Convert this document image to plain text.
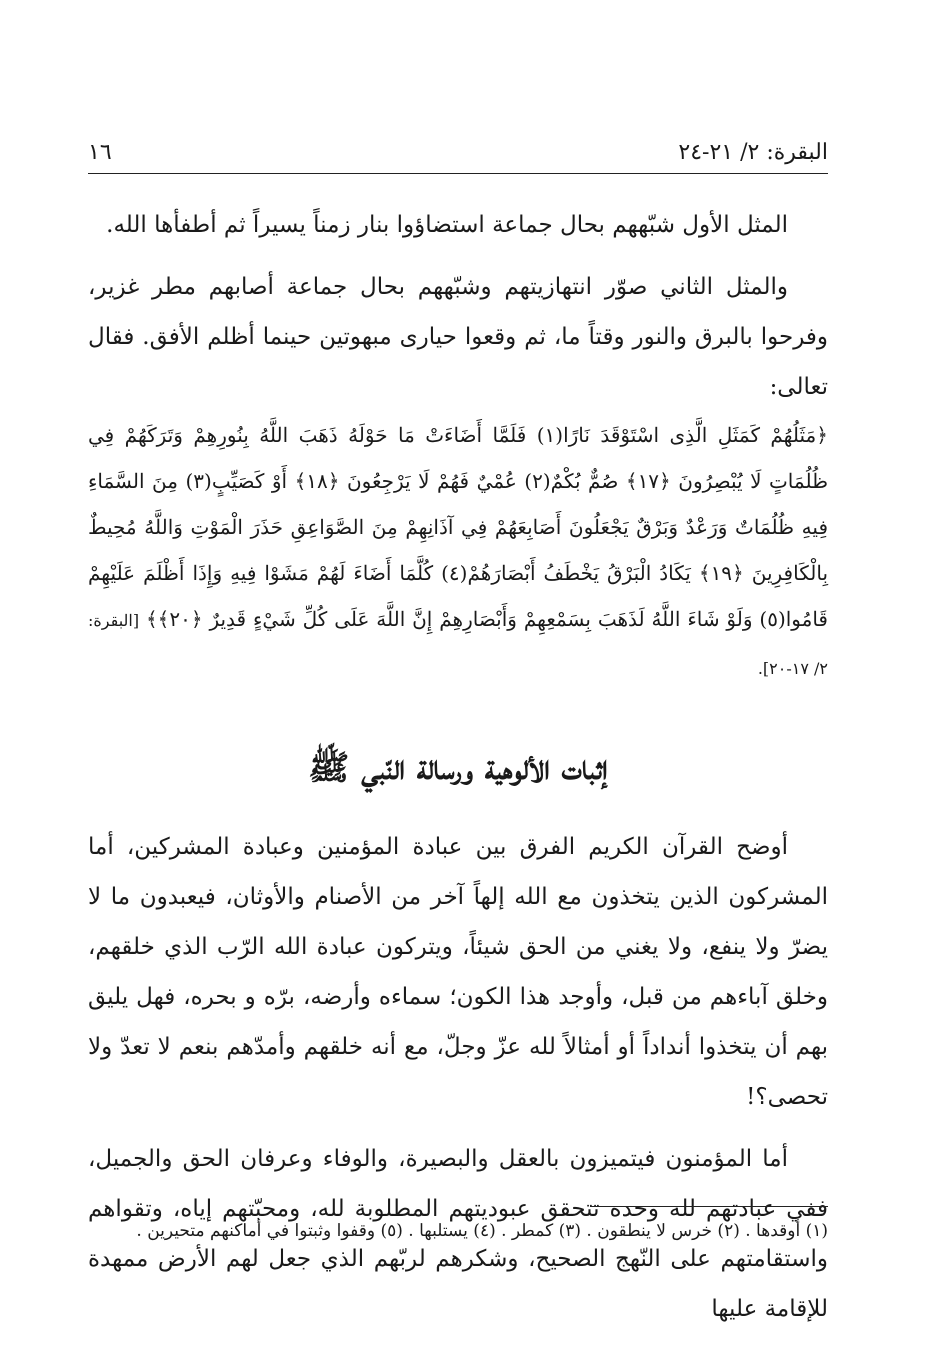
البقرة: ٢/ ٢١-٢٤
١٦

المثل الأول شبّههم بحال جماعة استضاؤوا بنار زمناً يسيراً ثم أطفأها الله.

والمثل الثاني صوّر انتهازيتهم وشبّههم بحال جماعة أصابهم مطر غزير، وفرحوا بالبرق والنور وقتاً ما، ثم وقعوا حيارى مبهوتين حينما أظلم الأفق. فقال تعالى:

﴿مَثَلُهُمْ كَمَثَلِ الَّذِى اسْتَوْقَدَ نَارًا(١) فَلَمَّا أَضَاءَتْ مَا حَوْلَهُ ذَهَبَ اللَّهُ بِنُورِهِمْ وَتَرَكَهُمْ فِي ظُلُمَاتٍ لَا يُبْصِرُونَ ﴿١٧﴾ صُمٌّ بُكْمٌ(٢) عُمْيٌ فَهُمْ لَا يَرْجِعُونَ ﴿١٨﴾ أَوْ كَصَيِّبٍ(٣) مِنَ السَّمَاءِ فِيهِ ظُلُمَاتٌ وَرَعْدٌ وَبَرْقٌ يَجْعَلُونَ أَصَابِعَهُمْ فِي آذَانِهِمْ مِنَ الصَّوَاعِقِ حَذَرَ الْمَوْتِ وَاللَّهُ مُحِيطٌ بِالْكَافِرِينَ ﴿١٩﴾ يَكَادُ الْبَرْقُ يَخْطَفُ أَبْصَارَهُمْ(٤) كُلَّمَا أَضَاءَ لَهُمْ مَشَوْا فِيهِ وَإِذَا أَظْلَمَ عَلَيْهِمْ قَامُوا(٥) وَلَوْ شَاءَ اللَّهُ لَذَهَبَ بِسَمْعِهِمْ وَأَبْصَارِهِمْ إِنَّ اللَّهَ عَلَى كُلِّ شَيْءٍ قَدِيرٌ ﴿٢٠﴾﴾ [البقرة: ٢/ ١٧-٢٠].

إثبات الألوهية ورسالة النّبي ﷺ

أوضح القرآن الكريم الفرق بين عبادة المؤمنين وعبادة المشركين، أما المشركون الذين يتخذون مع الله إلهاً آخر من الأصنام والأوثان، فيعبدون ما لا يضرّ ولا ينفع، ولا يغني من الحق شيئاً، ويتركون عبادة الله الرّب الذي خلقهم، وخلق آباءهم من قبل، وأوجد هذا الكون؛ سماءه وأرضه، برّه و بحره، فهل يليق بهم أن يتخذوا أنداداً أو أمثالاً لله عزّ وجلّ، مع أنه خلقهم وأمدّهم بنعم لا تعدّ ولا تحصى؟!

أما المؤمنون فيتميزون بالعقل والبصيرة، والوفاء وعرفان الحق والجميل، ففي عبادتهم لله وحده تتحقق عبوديتهم المطلوبة لله، ومحبّتهم إياه، وتقواهم واستقامتهم على النّهج الصحيح، وشكرهم لربّهم الذي جعل لهم الأرض ممهدة للإقامة عليها

(١) أوقدها . (٢) خرس لا ينطقون . (٣) كمطر . (٤) يستلبها . (٥) وقفوا وثبتوا في أماكنهم متحيرين .
